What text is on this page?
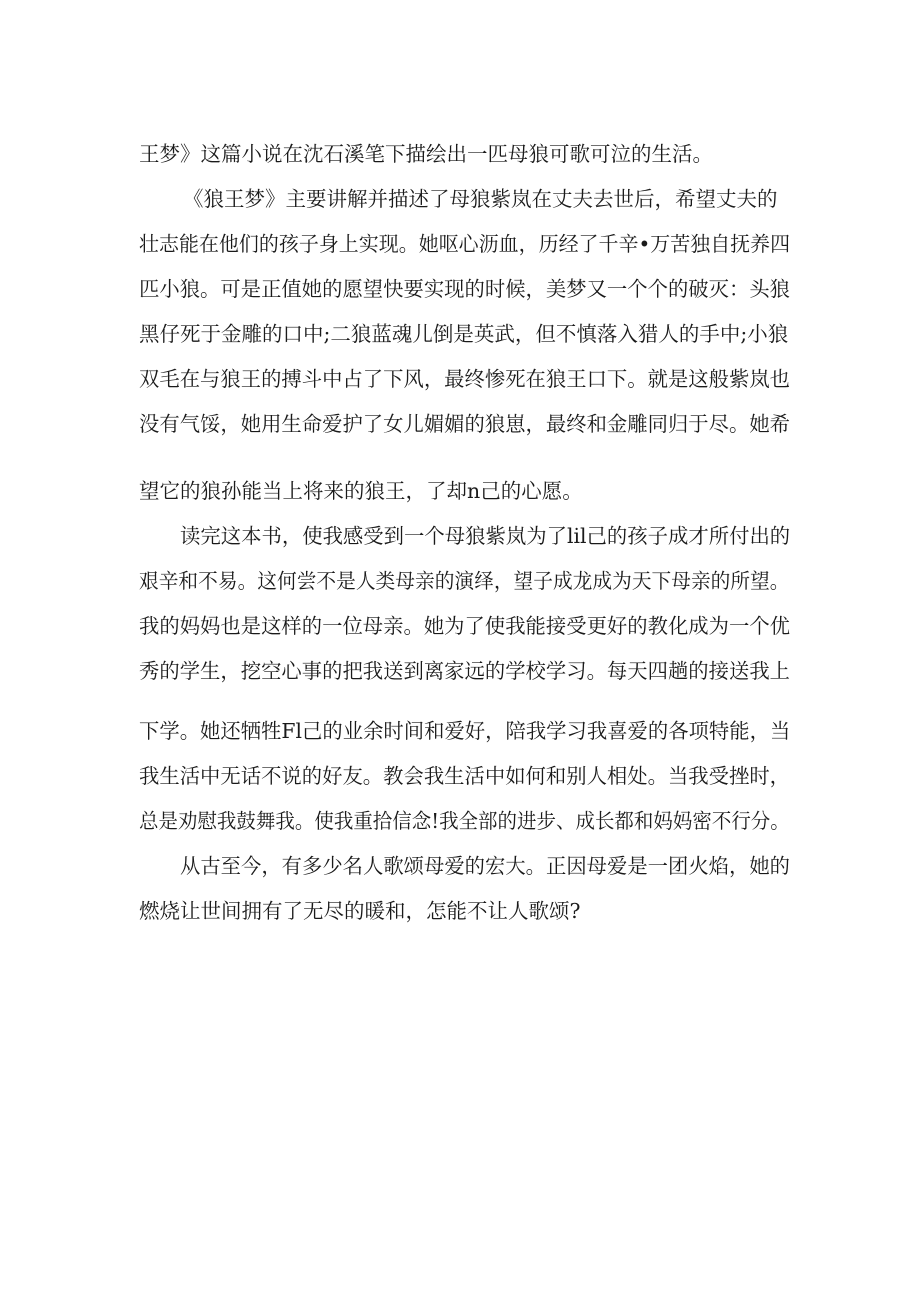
王梦》这篇小说在沈石溪笔下描绘出一匹母狼可歌可泣的生活。
《狼王梦》主要讲解并描述了母狼紫岚在丈夫去世后，希望丈夫的
壮志能在他们的孩子身上实现。她呕心沥血，历经了千辛•万苦独自抚养四
匹小狼。可是正值她的愿望快要实现的时候，美梦又一个个的破灭：头狼
黑仔死于金雕的口中;二狼蓝魂儿倒是英武，但不慎落入猎人的手中;小狼
双毛在与狼王的搏斗中占了下风，最终惨死在狼王口下。就是这般紫岚也
没有气馁，她用生命爱护了女儿媚媚的狼崽，最终和金雕同归于尽。她希
望它的狼孙能当上将来的狼王，了却n己的心愿。
读完这本书，使我感受到一个母狼紫岚为了lil己的孩子成才所付出的
艰辛和不易。这何尝不是人类母亲的演绎，望子成龙成为天下母亲的所望。
我的妈妈也是这样的一位母亲。她为了使我能接受更好的教化成为一个优
秀的学生，挖空心事的把我送到离家远的学校学习。每天四趟的接送我上
下学。她还牺牲Fl己的业余时间和爱好，陪我学习我喜爱的各项特能，当
我生活中无话不说的好友。教会我生活中如何和别人相处。当我受挫时，
总是劝慰我鼓舞我。使我重拾信念!我全部的进步、成长都和妈妈密不行分。
从古至今，有多少名人歌颂母爱的宏大。正因母爱是一团火焰，她的
燃烧让世间拥有了无尽的暖和，怎能不让人歌颂?
